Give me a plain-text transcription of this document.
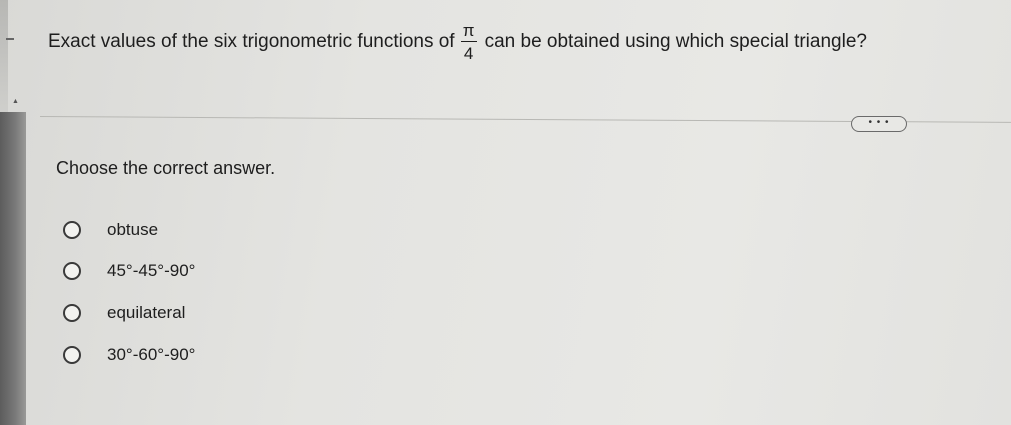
▲
Exact values of the six trigonometric functions of $\frac{\pi}{4}$ can be obtained using which special triangle?
• • •
Choose the correct answer.
obtuse
45°-45°-90°
equilateral
30°-60°-90°
